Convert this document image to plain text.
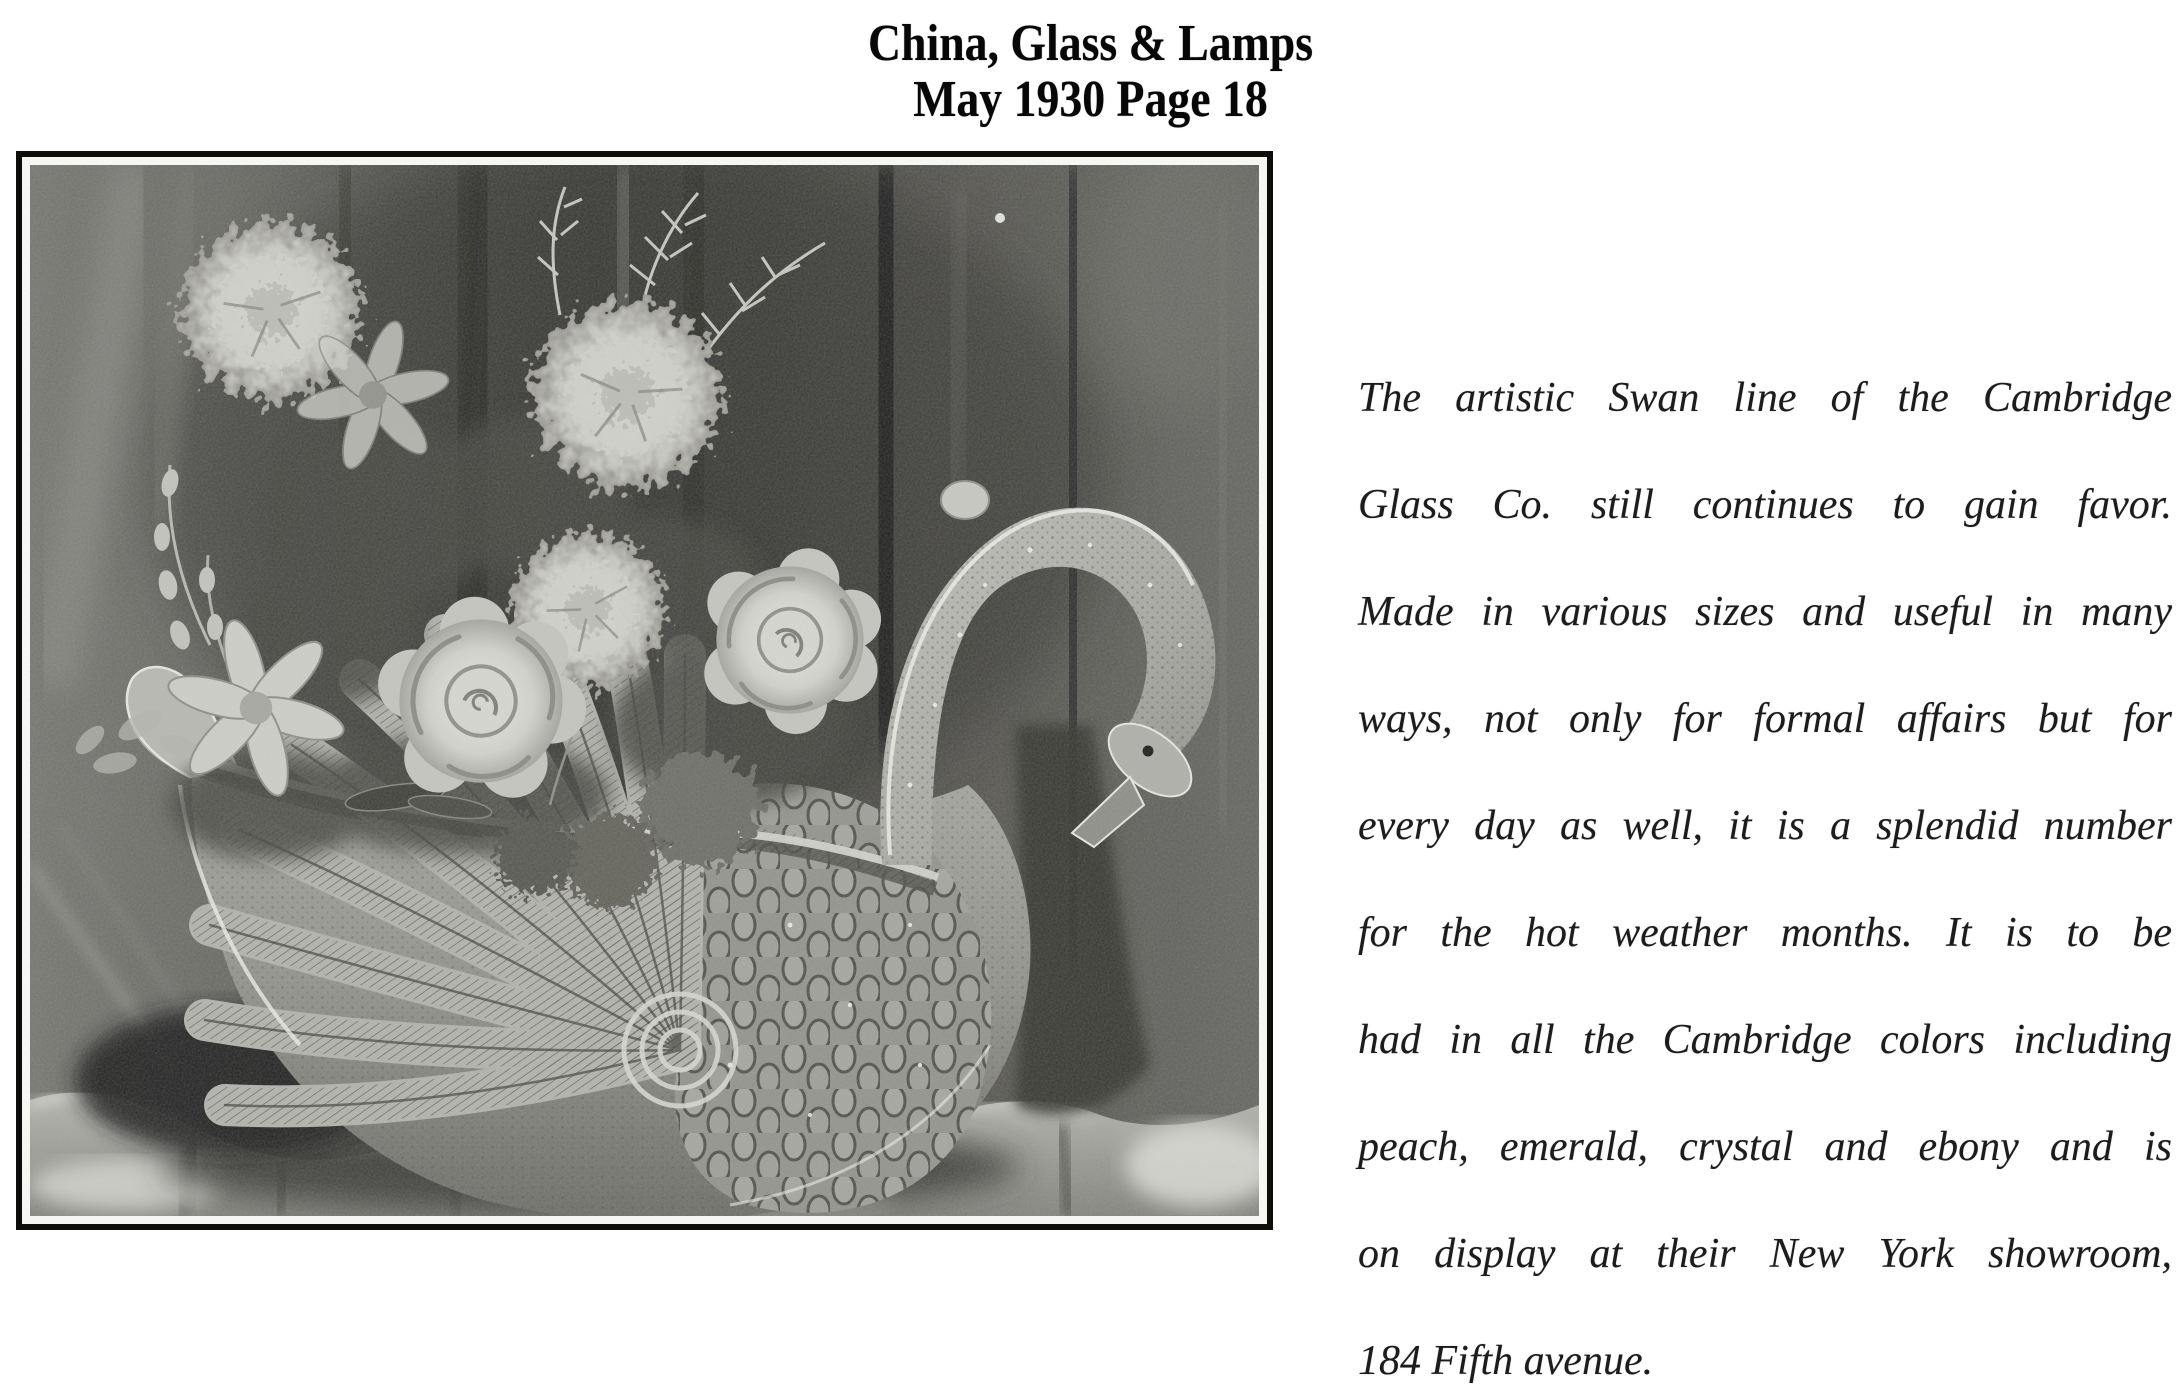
China, Glass & Lamps
May 1930 Page 18
The artistic Swan line of the Cambridge
Glass Co. still continues to gain favor.
Made in various sizes and useful in many
ways, not only for formal affairs but for
every day as well, it is a splendid number
for the hot weather months. It is to be
had in all the Cambridge colors including
peach, emerald, crystal and ebony and is
on display at their New York showroom,
184 Fifth avenue.
